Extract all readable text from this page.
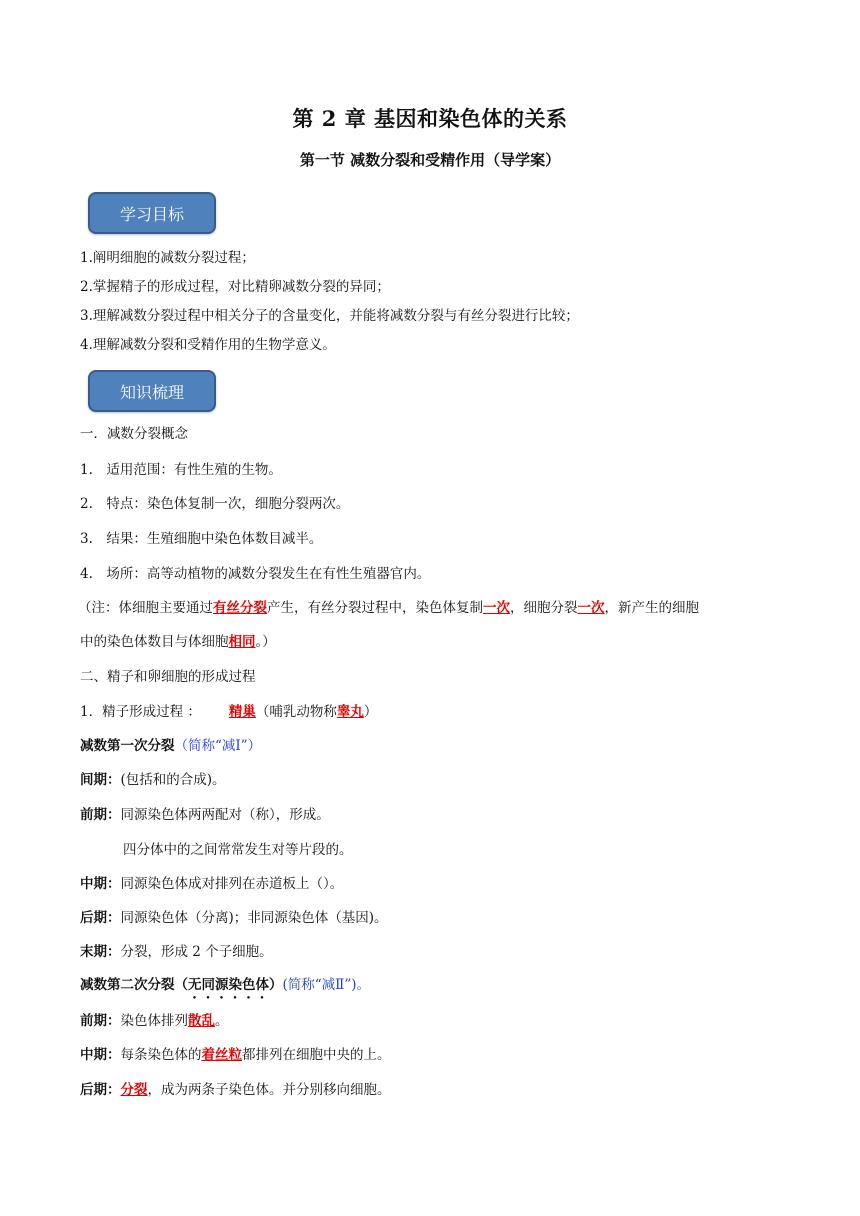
第 2 章 基因和染色体的关系
第一节 减数分裂和受精作用（导学案）
学习目标
1.阐明细胞的减数分裂过程；
2.掌握精子的形成过程，对比精卵减数分裂的异同；
3.理解减数分裂过程中相关分子的含量变化，并能将减数分裂与有丝分裂进行比较；
4.理解减数分裂和受精作用的生物学意义。
知识梳理
一．减数分裂概念
1.　适用范围：有性生殖的生物。
2.　特点：染色体复制一次，细胞分裂两次。
3.　结果：生殖细胞中染色体数目减半。
4.　场所：高等动植物的减数分裂发生在有性生殖器官内。
（注：体细胞主要通过有丝分裂产生，有丝分裂过程中，染色体复制一次，细胞分裂一次，新产生的细胞
中的染色体数目与体细胞相同。）
二、精子和卵细胞的形成过程
1．精子形成过程 ： 精巢（哺乳动物称睾丸）
减数第一次分裂（简称“减Ⅰ”）
间期：(包括和的合成)。
前期：同源染色体两两配对（称），形成。
四分体中的之间常常发生对等片段的。
中期：同源染色体成对排列在赤道板上（）。
后期：同源染色体（分离)；非同源染色体（基因)。
末期：分裂，形成 2 个子细胞。
减数第二次分裂（无同源染色体）(简称“减Ⅱ”)。
前期：染色体排列散乱。
中期：每条染色体的着丝粒都排列在细胞中央的上。
后期：分裂，成为两条子染色体。并分别移向细胞。
